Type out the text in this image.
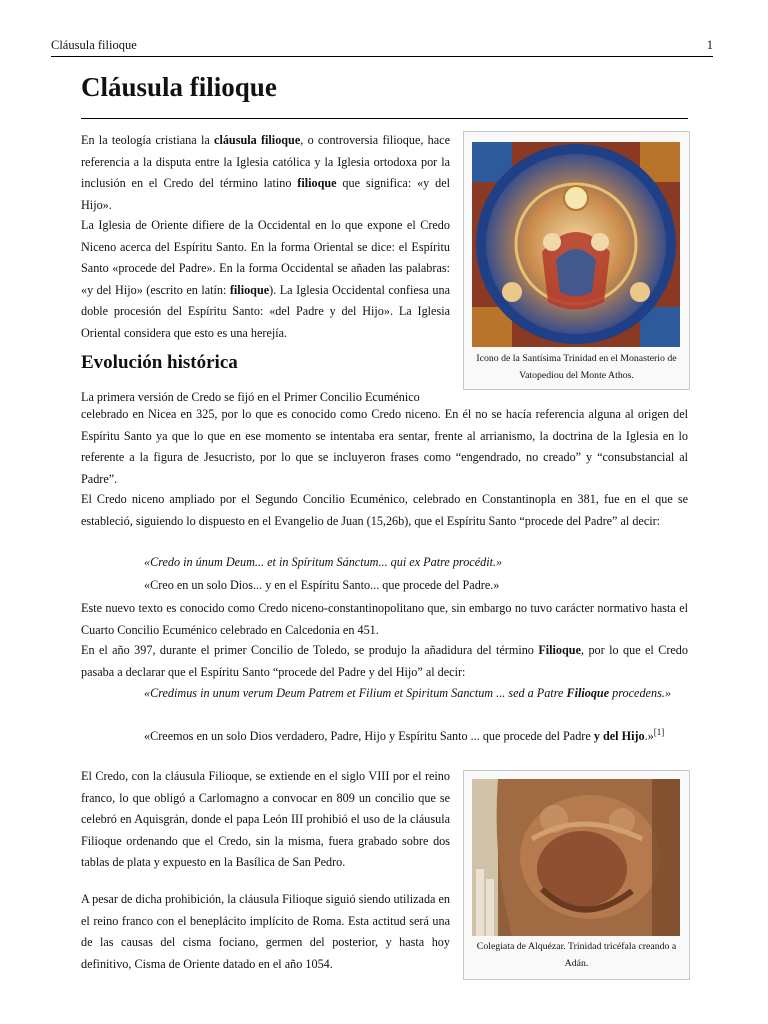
Cláusula filioque	1
Cláusula filioque

En la teología cristiana la cláusula filioque, o controversia filioque, hace referencia a la disputa entre la Iglesia católica y la Iglesia ortodoxa por la inclusión en el Credo del término latino filioque que significa: «y del Hijo».

La Iglesia de Oriente difiere de la Occidental en lo que expone el Credo Niceno acerca del Espíritu Santo. En la forma Oriental se dice: el Espíritu Santo «procede del Padre». En la forma Occidental se añaden las palabras: «y del Hijo» (escrito en latín: filioque). La Iglesia Occidental confiesa una doble procesión del Espíritu Santo: «del Padre y del Hijo». La Iglesia Oriental considera que esto es una herejía.

Icono de la Santísima Trinidad en el Monasterio de Vatopediou del Monte Athos.
Evolución histórica

La primera versión de Credo se fijó en el Primer Concilio Ecuménico

celebrado en Nicea en 325, por lo que es conocido como Credo niceno. En él no se hacía referencia alguna al origen del Espíritu Santo ya que lo que en ese momento se intentaba era sentar, frente al arrianismo, la doctrina de la Iglesia en lo referente a la figura de Jesucristo, por lo que se incluyeron frases como “engendrado, no creado” y “consubstancial al Padre”.

El Credo niceno ampliado por el Segundo Concilio Ecuménico, celebrado en Constantinopla en 381, fue en el que se estableció, siguiendo lo dispuesto en el Evangelio de Juan (15,26b), que el Espíritu Santo “procede del Padre” al decir:

«Credo in únum Deum... et in Spíritum Sánctum... qui ex Patre procédit.»

«Creo en un solo Dios... y en el Espíritu Santo... que procede del Padre.»

Este nuevo texto es conocido como Credo niceno-constantinopolitano que, sin embargo no tuvo carácter normativo hasta el Cuarto Concilio Ecuménico celebrado en Calcedonia en 451.

En el año 397, durante el primer Concilio de Toledo, se produjo la añadidura del término Filioque, por lo que el Credo pasaba a declarar que el Espíritu Santo “procede del Padre y del Hijo” al decir:

«Credimus in unum verum Deum Patrem et Filium et Spiritum Sanctum ... sed a Patre Filioque procedens.»

«Creemos en un solo Dios verdadero, Padre, Hijo y Espíritu Santo ... que procede del Padre y del Hijo.»[1]

El Credo, con la cláusula Filioque, se extiende en el siglo VIII por el reino franco, lo que obligó a Carlomagno a convocar en 809 un concilio que se celebró en Aquisgrán, donde el papa León III prohibió el uso de la cláusula Filioque ordenando que el Credo, sin la misma, fuera grabado sobre dos tablas de plata y expuesto en la Basílica de San Pedro.

A pesar de dicha prohibición, la cláusula Filioque siguió siendo utilizada en el reino franco con el beneplácito implícito de Roma. Esta actitud será una de las causas del cisma fociano, germen del posterior, y hasta hoy definitivo, Cisma de Oriente datado en el año 1054.

Colegiata de Alquézar. Trinidad tricéfala creando a Adán.
